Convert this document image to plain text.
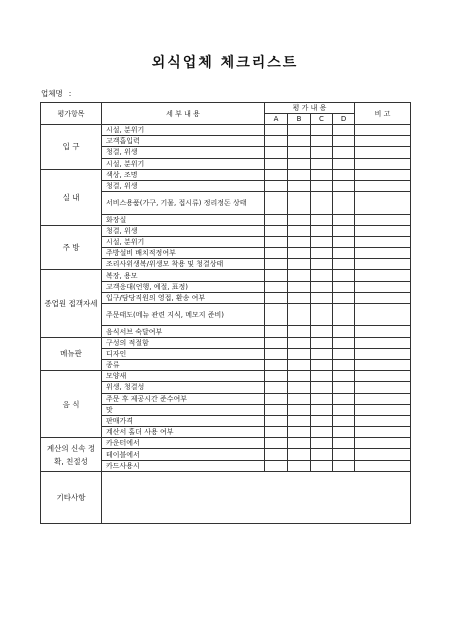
외식업체 체크리스트
업체명 :
평가항목	세 부 내 용	평 가 내 용				비 고
		A	B	C	D	
입 구	시설, 분위기					
	고객흡입력					
	청결, 위생					
	시설, 분위기					
실 내	색상, 조명					
	청결, 위생					
	서비스용품(가구, 기물, 접시류) 정리정돈 상태					
	화장실					
주 방	청결, 위생					
	시설, 분위기					
	주방설비 배치적정여부					
	조리사위생복/위생모 착용 및 청결상태					
종업원 접객자세	복장, 용모					
	고객응대(언행, 예절, 표정)					
	입구/담당직원의 영접, 환송 여부					
	주문태도(메뉴 관련 지식, 메모지 준비)					
	음식서브 숙달여부					
메뉴판	구성의 적절함					
	디자인					
	종류					
음 식	모양새					
	위생, 청결성					
	주문 후 제공시간 준수여부					
	맛					
	판매가격					
	계산서 홀더 사용 여부					
계산의 신속 정확, 친절성	카운터에서					
	테이블에서					
	카드사용시					
기타사항						
